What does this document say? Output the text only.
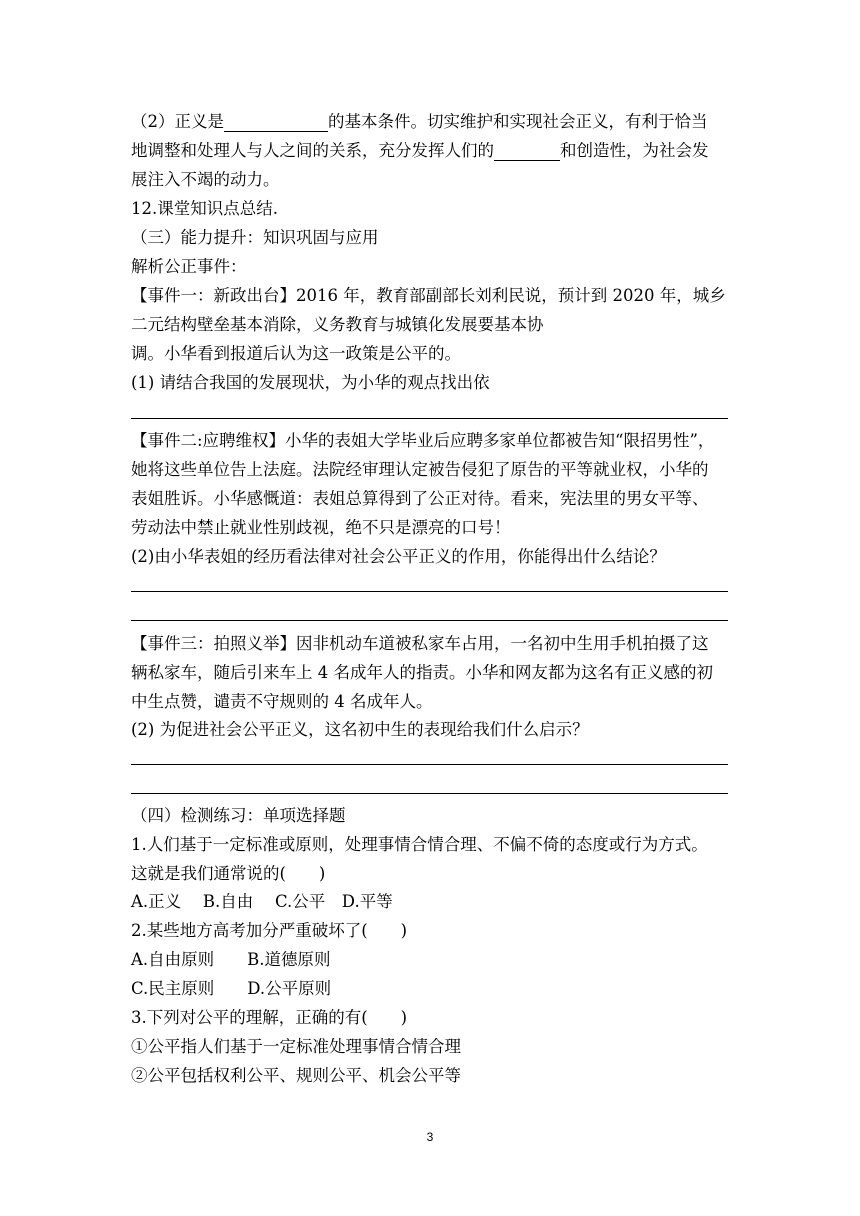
（2）正义是	的基本条件。切实维护和实现社会正义，有利于恰当
地调整和处理人与人之间的关系，充分发挥人们的	和创造性，为社会发
展注入不竭的动力。
12.课堂知识点总结.
（三）能力提升：知识巩固与应用
解析公正事件：
【事件一：新政出台】2016 年，教育部副部长刘利民说，预计到 2020 年，城乡
二元结构壁垒基本消除，义务教育与城镇化发展要基本协
调。小华看到报道后认为这一政策是公平的。
(1) 请结合我国的发展现状，为小华的观点找出依
【事件二:应聘维权】小华的表姐大学毕业后应聘多家单位都被告知“限招男性”，
她将这些单位告上法庭。法院经审理认定被告侵犯了原告的平等就业权，小华的
表姐胜诉。小华感慨道：表姐总算得到了公正对待。看来，宪法里的男女平等、
劳动法中禁止就业性别歧视，绝不只是漂亮的口号！
(2)由小华表姐的经历看法律对社会公平正义的作用，你能得出什么结论？
【事件三：拍照义举】因非机动车道被私家车占用，一名初中生用手机拍摄了这
辆私家车，随后引来车上 4 名成年人的指责。小华和网友都为这名有正义感的初
中生点赞，谴责不守规则的 4 名成年人。
(2) 为促进社会公平正义，这名初中生的表现给我们什么启示？
（四）检测练习：单项选择题
1.人们基于一定标准或原则，处理事情合情合理、不偏不倚的态度或行为方式。
这就是我们通常说的(　　)
A.正义　 B.自由　 C.公平　D.平等
2.某些地方高考加分严重破坏了(　　)
A.自由原则　　B.道德原则
C.民主原则　　D.公平原则
3.下列对公平的理解，正确的有(　　)
①公平指人们基于一定标准处理事情合情合理
②公平包括权利公平、规则公平、机会公平等
3
